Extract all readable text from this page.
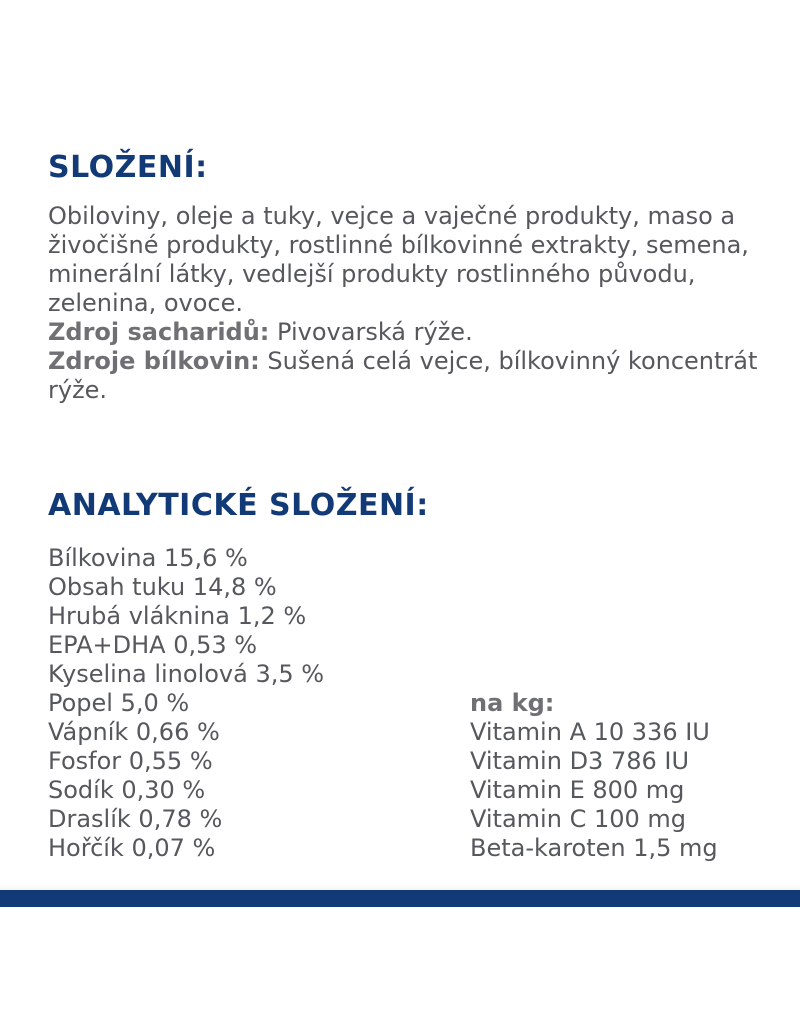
SLOŽENÍ:
Obiloviny, oleje a tuky, vejce a vaječné produkty, maso a živočišné produkty, rostlinné bílkovinné extrakty, semena, minerální látky, vedlejší produkty rostlinného původu, zelenina, ovoce.
Zdroj sacharidů: Pivovarská rýže.
Zdroje bílkovin: Sušená celá vejce, bílkovinný koncentrát rýže.
ANALYTICKÉ SLOŽENÍ:
Bílkovina 15,6 %
Obsah tuku 14,8 %
Hrubá vláknina 1,2 %
EPA+DHA 0,53 %
Kyselina linolová 3,5 %
Popel 5,0 %
Vápník 0,66 %
Fosfor 0,55 %
Sodík 0,30 %
Draslík 0,78 %
Hořčík 0,07 %
na kg:
Vitamin A 10 336 IU
Vitamin D3 786 IU
Vitamin E 800 mg
Vitamin C 100 mg
Beta-karoten 1,5 mg
